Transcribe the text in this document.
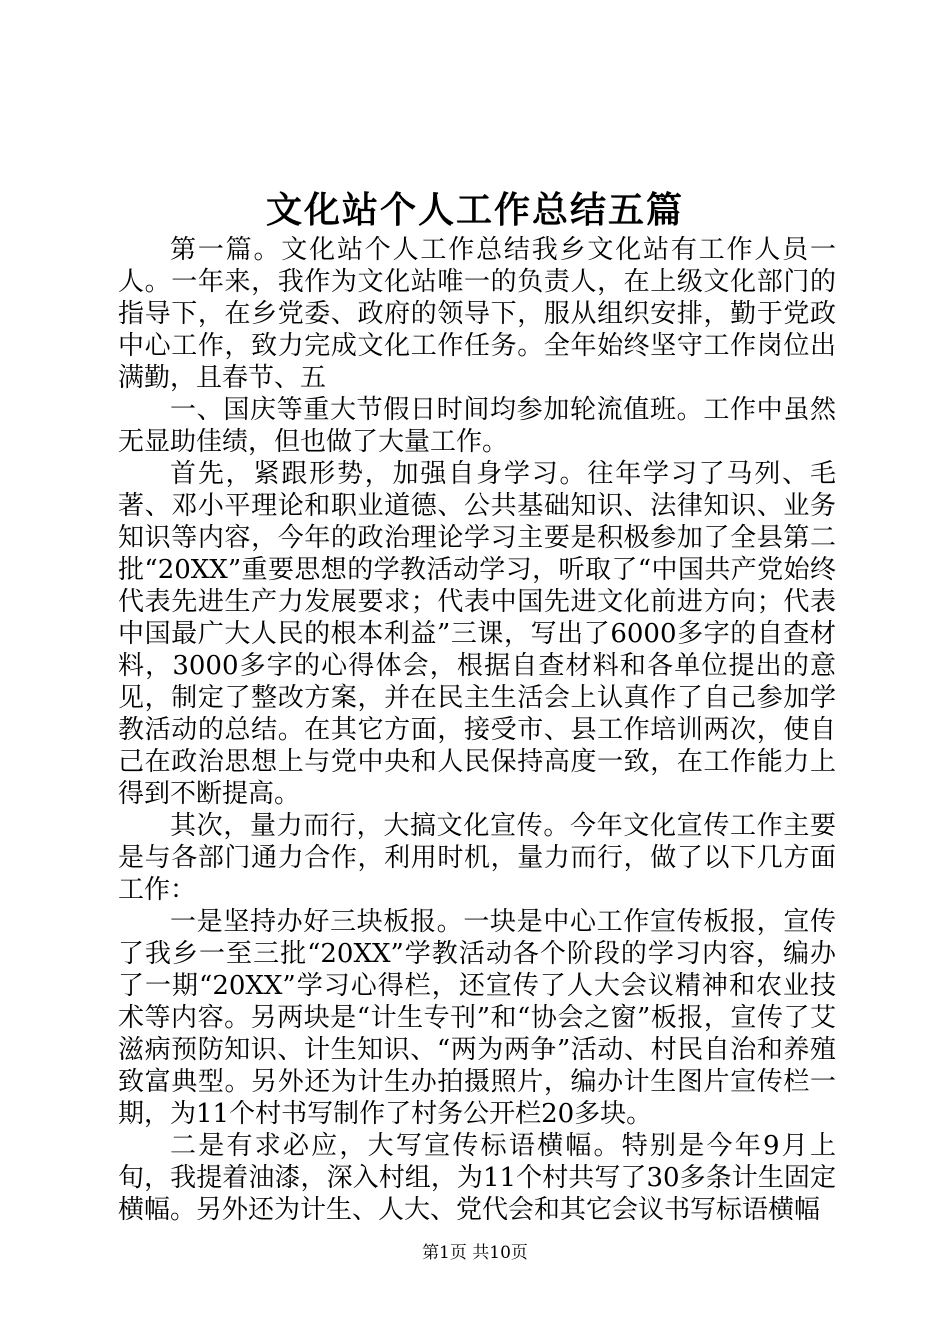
文化站个人工作总结五篇

第一篇。文化站个人工作总结我乡文化站有工作人员一人。一年来，我作为文化站唯一的负责人，在上级文化部门的指导下，在乡党委、政府的领导下，服从组织安排，勤于党政中心工作，致力完成文化工作任务。全年始终坚守工作岗位出满勤，且春节、五

一、国庆等重大节假日时间均参加轮流值班。工作中虽然无显助佳绩，但也做了大量工作。

首先，紧跟形势，加强自身学习。往年学习了马列、毛著、邓小平理论和职业道德、公共基础知识、法律知识、业务知识等内容，今年的政治理论学习主要是积极参加了全县第二批“20XX”重要思想的学教活动学习，听取了“中国共产党始终代表先进生产力发展要求；代表中国先进文化前进方向；代表中国最广大人民的根本利益”三课，写出了6000多字的自查材料，3000多字的心得体会，根据自查材料和各单位提出的意见，制定了整改方案，并在民主生活会上认真作了自己参加学教活动的总结。在其它方面，接受市、县工作培训两次，使自己在政治思想上与党中央和人民保持高度一致，在工作能力上得到不断提高。

其次，量力而行，大搞文化宣传。今年文化宣传工作主要是与各部门通力合作，利用时机，量力而行，做了以下几方面工作：

一是坚持办好三块板报。一块是中心工作宣传板报，宣传了我乡一至三批“20XX”学教活动各个阶段的学习内容，编办了一期“20XX”学习心得栏，还宣传了人大会议精神和农业技术等内容。另两块是“计生专刊”和“协会之窗”板报，宣传了艾滋病预防知识、计生知识、“两为两争”活动、村民自治和养殖致富典型。另外还为计生办拍摄照片，编办计生图片宣传栏一期，为11个村书写制作了村务公开栏20多块。

二是有求必应，大写宣传标语横幅。特别是今年9月上旬，我提着油漆，深入村组，为11个村共写了30多条计生固定横幅。另外还为计生、人大、党代会和其它会议书写标语横幅

第1页 共10页
